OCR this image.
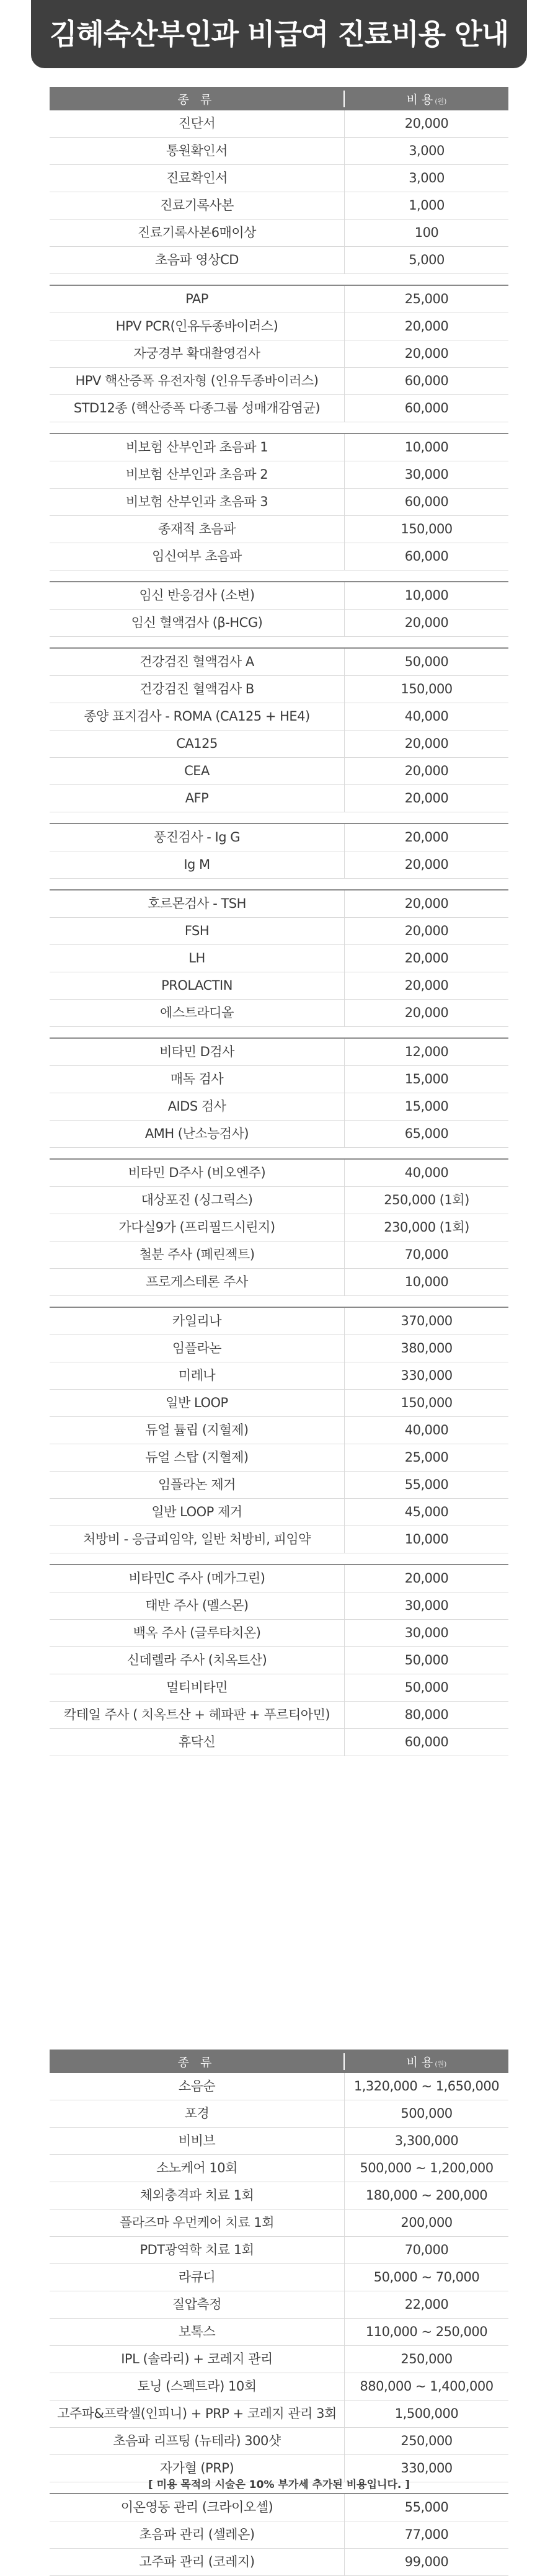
김혜숙산부인과 비급여 진료비용 안내
종 류	비 용 (원)
진단서	20,000
통원확인서	3,000
진료확인서	3,000
진료기록사본	1,000
진료기록사본6매이상	100
초음파 영상CD	5,000
PAP	25,000
HPV PCR(인유두종바이러스)	20,000
자궁경부 확대촬영검사	20,000
HPV 핵산증폭 유전자형 (인유두종바이러스)	60,000
STD12종 (핵산증폭 다종그룹 성매개감염균)	60,000
비보험 산부인과 초음파 1	10,000
비보험 산부인과 초음파 2	30,000
비보험 산부인과 초음파 3	60,000
종재적 초음파	150,000
임신여부 초음파	60,000
임신 반응검사 (소변)	10,000
임신 혈액검사 (β-HCG)	20,000
건강검진 혈액검사 A	50,000
건강검진 혈액검사 B	150,000
종양 표지검사 - ROMA (CA125 + HE4)	40,000
CA125	20,000
CEA	20,000
AFP	20,000
풍진검사 - Ig G	20,000
Ig M	20,000
호르몬검사 - TSH	20,000
FSH	20,000
LH	20,000
PROLACTIN	20,000
에스트라디올	20,000
비타민 D검사	12,000
매독 검사	15,000
AIDS 검사	15,000
AMH (난소능검사)	65,000
비타민 D주사 (비오엔주)	40,000
대상포진 (싱그릭스)	250,000 (1회)
가다실9가 (프리필드시린지)	230,000 (1회)
철분 주사 (페린젝트)	70,000
프로게스테론 주사	10,000
카일리나	370,000
임플라논	380,000
미레나	330,000
일반 LOOP	150,000
듀얼 튤립 (지혈제)	40,000
듀얼 스탑 (지혈제)	25,000
임플라논 제거	55,000
일반 LOOP 제거	45,000
처방비 - 응급피임약, 일반 처방비, 피임약	10,000
비타민C 주사 (메가그린)	20,000
태반 주사 (멜스몬)	30,000
백옥 주사 (글루타치온)	30,000
신데렐라 주사 (치옥트산)	50,000
멀티비타민	50,000
칵테일 주사 ( 치옥트산 + 헤파판 + 푸르티아민)	80,000
휴닥신	60,000
종 류	비 용 (원)
소음순	1,320,000 ~ 1,650,000
포경	500,000
비비브	3,300,000
소노케어 10회	500,000 ~ 1,200,000
체외충격파 치료 1회	180,000 ~ 200,000
플라즈마 우먼케어 치료 1회	200,000
PDT광역학 치료 1회	70,000
라큐디	50,000 ~ 70,000
질압측정	22,000
보톡스	110,000 ~ 250,000
IPL (솔라리) + 코레지 관리	250,000
토닝 (스펙트라) 10회	880,000 ~ 1,400,000
고주파&프락셀(인피니) + PRP + 코레지 관리 3회	1,500,000
초음파 리프팅 (뉴테라) 300샷	250,000
자가혈 (PRP)	330,000
이온영동 관리 (크라이오셀)	55,000
초음파 관리 (셀레온)	77,000
고주파 관리 (코레지)	99,000
[ 미용 목적의 시술은 10% 부가세 추가된 비용입니다. ]
